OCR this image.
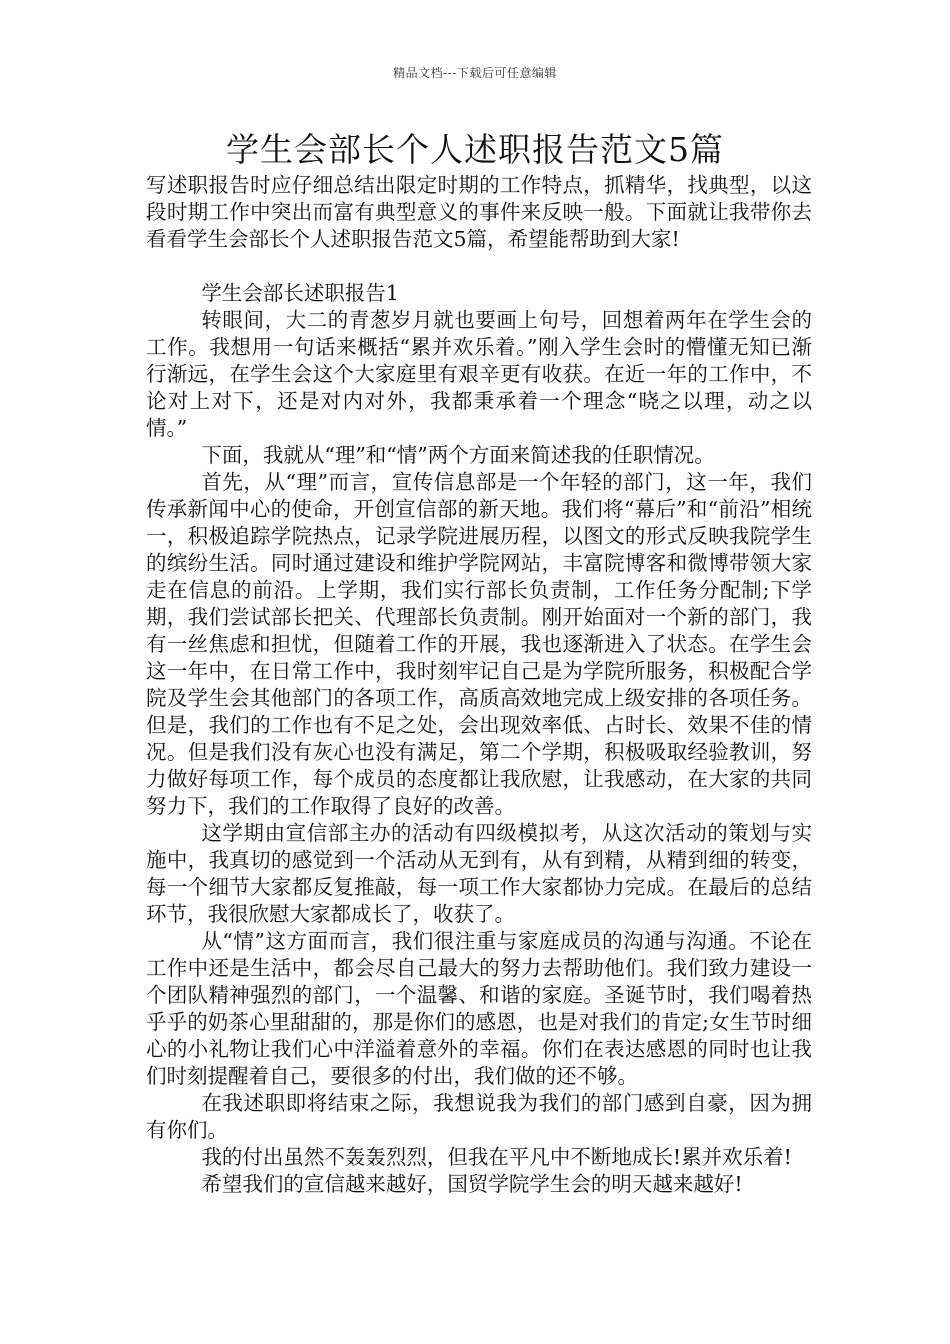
精品文档---下载后可任意编辑
学生会部长个人述职报告范文5篇

写述职报告时应仔细总结出限定时期的工作特点，抓精华，找典型，以这段时期工作中突出而富有典型意义的事件来反映一般。下面就让我带你去看看学生会部长个人述职报告范文5篇，希望能帮助到大家!

学生会部长述职报告1

转眼间，大二的青葱岁月就也要画上句号，回想着两年在学生会的工作。我想用一句话来概括“累并欢乐着。”刚入学生会时的懵懂无知已渐行渐远，在学生会这个大家庭里有艰辛更有收获。在近一年的工作中，不论对上对下，还是对内对外，我都秉承着一个理念“晓之以理，动之以情。”

下面，我就从“理”和“情”两个方面来简述我的任职情况。

首先，从“理”而言，宣传信息部是一个年轻的部门，这一年，我们传承新闻中心的使命，开创宣信部的新天地。我们将“幕后”和“前沿”相统一，积极追踪学院热点，记录学院进展历程，以图文的形式反映我院学生的缤纷生活。同时通过建设和维护学院网站，丰富院博客和微博带领大家走在信息的前沿。上学期，我们实行部长负责制，工作任务分配制;下学期，我们尝试部长把关、代理部长负责制。刚开始面对一个新的部门，我有一丝焦虑和担忧，但随着工作的开展，我也逐渐进入了状态。在学生会这一年中，在日常工作中，我时刻牢记自己是为学院所服务，积极配合学院及学生会其他部门的各项工作，高质高效地完成上级安排的各项任务。但是，我们的工作也有不足之处，会出现效率低、占时长、效果不佳的情况。但是我们没有灰心也没有满足，第二个学期，积极吸取经验教训，努力做好每项工作，每个成员的态度都让我欣慰，让我感动，在大家的共同努力下，我们的工作取得了良好的改善。

这学期由宣信部主办的活动有四级模拟考，从这次活动的策划与实施中，我真切的感觉到一个活动从无到有，从有到精，从精到细的转变，每一个细节大家都反复推敲，每一项工作大家都协力完成。在最后的总结环节，我很欣慰大家都成长了，收获了。

从“情”这方面而言，我们很注重与家庭成员的沟通与沟通。不论在工作中还是生活中，都会尽自己最大的努力去帮助他们。我们致力建设一个团队精神强烈的部门，一个温馨、和谐的家庭。圣诞节时，我们喝着热乎乎的奶茶心里甜甜的，那是你们的感恩，也是对我们的肯定;女生节时细心的小礼物让我们心中洋溢着意外的幸福。你们在表达感恩的同时也让我们时刻提醒着自己，要很多的付出，我们做的还不够。

在我述职即将结束之际，我想说我为我们的部门感到自豪，因为拥有你们。

我的付出虽然不轰轰烈烈，但我在平凡中不断地成长!累并欢乐着!

希望我们的宣信越来越好，国贸学院学生会的明天越来越好!
